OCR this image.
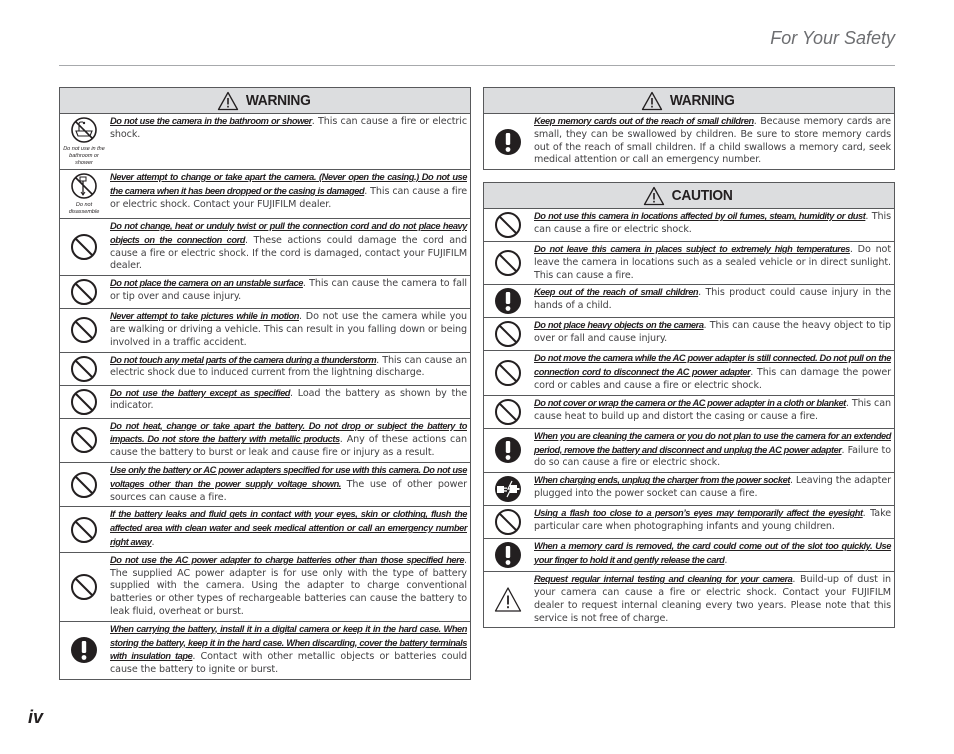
For Your Safety
WARNING
Do not use in the bathroom or shower
Do not use the camera in the bathroom or shower. This can cause a fire or electric shock.
Do not disassemble
Never attempt to change or take apart the camera. (Never open the casing.) Do not use the camera when it has been dropped or the casing is damaged. This can cause a fire or electric shock. Contact your FUJIFILM dealer.
Do not change, heat or unduly twist or pull the connection cord and do not place heavy objects on the connection cord. These actions could damage the cord and cause a fire or electric shock. If the cord is damaged, contact your FUJIFILM dealer.
Do not place the camera on an unstable surface. This can cause the camera to fall or tip over and cause injury.
Never attempt to take pictures while in motion. Do not use the camera while you are walking or driving a vehicle. This can result in you falling down or being involved in a traffic accident.
Do not touch any metal parts of the camera during a thunderstorm. This can cause an electric shock due to induced current from the lightning discharge.
Do not use the battery except as specified. Load the battery as shown by the indicator.
Do not heat, change or take apart the battery. Do not drop or subject the battery to impacts. Do not store the battery with metallic products. Any of these actions can cause the battery to burst or leak and cause fire or injury as a result.
Use only the battery or AC power adapters specified for use with this camera. Do not use voltages other than the power supply voltage shown. The use of other power sources can cause a fire.
If the battery leaks and fluid gets in contact with your eyes, skin or clothing, flush the affected area with clean water and seek medical attention or call an emergency number right away.
Do not use the AC power adapter to charge batteries other than those specified here. The supplied AC power adapter is for use only with the type of battery supplied with the camera. Using the adapter to charge conventional batteries or other types of rechargeable batteries can cause the battery to leak fluid, overheat or burst.
When carrying the battery, install it in a digital camera or keep it in the hard case. When storing the battery, keep it in the hard case. When discarding, cover the battery terminals with insulation tape. Contact with other metallic objects or batteries could cause the battery to ignite or burst.
WARNING
Keep memory cards out of the reach of small children. Because memory cards are small, they can be swallowed by children. Be sure to store memory cards out of the reach of small children. If a child swallows a memory card, seek medical attention or call an emergency number.
CAUTION
Do not use this camera in locations affected by oil fumes, steam, humidity or dust. This can cause a fire or electric shock.
Do not leave this camera in places subject to extremely high temperatures. Do not leave the camera in locations such as a sealed vehicle or in direct sunlight. This can cause a fire.
Keep out of the reach of small children. This product could cause injury in the hands of a child.
Do not place heavy objects on the camera. This can cause the heavy object to tip over or fall and cause injury.
Do not move the camera while the AC power adapter is still connected. Do not pull on the connection cord to disconnect the AC power adapter. This can damage the power cord or cables and cause a fire or electric shock.
Do not cover or wrap the camera or the AC power adapter in a cloth or blanket. This can cause heat to build up and distort the casing or cause a fire.
When you are cleaning the camera or you do not plan to use the camera for an extended period, remove the battery and disconnect and unplug the AC power adapter. Failure to do so can cause a fire or electric shock.
When charging ends, unplug the charger from the power socket. Leaving the adapter plugged into the power socket can cause a fire.
Using a flash too close to a person’s eyes may temporarily affect the eyesight. Take particular care when photographing infants and young children.
When a memory card is removed, the card could come out of the slot too quickly. Use your finger to hold it and gently release the card.
Request regular internal testing and cleaning for your camera. Build-up of dust in your camera can cause a fire or electric shock. Contact your FUJIFILM dealer to request internal cleaning every two years. Please note that this service is not free of charge.
iv
